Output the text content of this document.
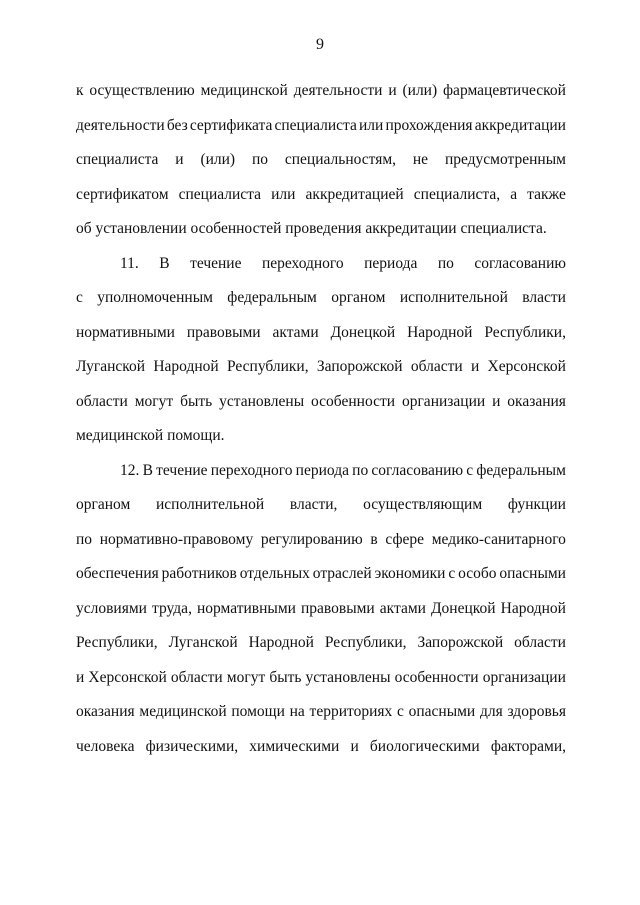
9
к осуществлению медицинской деятельности и (или) фармацевтической
деятельности без сертификата специалиста или прохождения аккредитации
специалиста и (или) по специальностям, не предусмотренным
сертификатом специалиста или аккредитацией специалиста, а также
об установлении особенностей проведения аккредитации специалиста.
11. В течение переходного периода по согласованию
с уполномоченным федеральным органом исполнительной власти
нормативными правовыми актами Донецкой Народной Республики,
Луганской Народной Республики, Запорожской области и Херсонской
области могут быть установлены особенности организации и оказания
медицинской помощи.
12. В течение переходного периода по согласованию с федеральным
органом исполнительной власти, осуществляющим функции
по нормативно-правовому регулированию в сфере медико-санитарного
обеспечения работников отдельных отраслей экономики с особо опасными
условиями труда, нормативными правовыми актами Донецкой Народной
Республики, Луганской Народной Республики, Запорожской области
и Херсонской области могут быть установлены особенности организации
оказания медицинской помощи на территориях с опасными для здоровья
человека физическими, химическими и биологическими факторами,
